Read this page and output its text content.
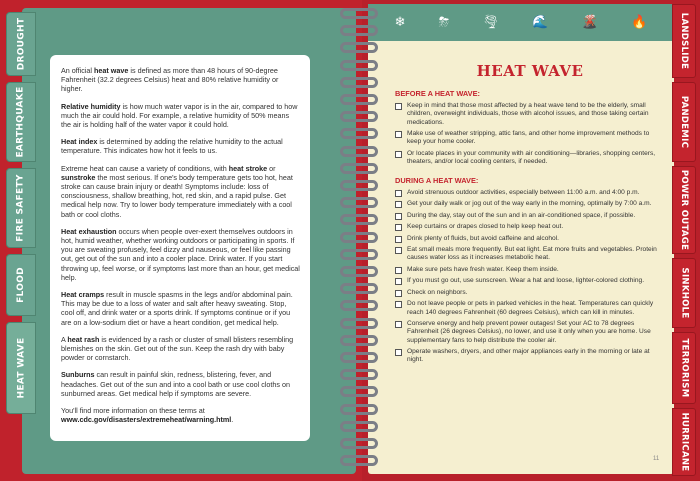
DROUGHT
EARTHQUAKE
FIRE SAFETY
FLOOD
HEAT WAVE

An official heat wave is defined as more than 48 hours of 90-degree Fahrenheit (32.2 degrees Celsius) heat and 80% relative humidity or higher.

Relative humidity is how much water vapor is in the air, compared to how much the air could hold. For example, a relative humidity of 50% means the air is holding half of the water vapor it could hold.

Heat index is determined by adding the relative humidity to the actual temperature. This indicates how hot it feels to us.

Extreme heat can cause a variety of conditions, with heat stroke or sunstroke the most serious. If one's body temperature gets too hot, heat stroke can cause brain injury or death! Symptoms include: loss of consciousness, shallow breathing, hot, red skin, and a rapid pulse. Get medical help now. Try to lower body temperature immediately with a cool bath or cool cloths.

Heat exhaustion occurs when people over-exert themselves outdoors in hot, humid weather, whether working outdoors or participating in sports. If you are sweating profusely, feel dizzy and nauseous, or feel like passing out, get out of the sun and into a cooler place. Drink water. If you start throwing up, feel worse, or if symptoms last more than an hour, get medical help.

Heat cramps result in muscle spasms in the legs and/or abdominal pain. This may be due to a loss of water and salt after heavy sweating. Stop, cool off, and drink water or a sports drink. If symptoms continue or if you are on a low-sodium diet or have a heart condition, get medical help.

A heat rash is evidenced by a rash or cluster of small blisters resembling blemishes on the skin. Get out of the sun. Keep the rash dry with baby powder or cornstarch.

Sunburns can result in painful skin, redness, blistering, fever, and headaches. Get out of the sun and into a cool bath or use cool cloths on sunburned areas. Get medical help if symptoms are severe.

You'll find more information on these terms at www.cdc.gov/disasters/extremeheat/warning.html.

❄	⛈	🌪	🌊	🌋	🔥	LANDSLIDE
PANDEMIC
POWER OUTAGE
SINKHOLE
TERRORISM
HURRICANE
HEAT WAVE
BEFORE A HEAT WAVE:
Keep in mind that those most affected by a heat wave tend to be the elderly, small children, overweight individuals, those with alcohol issues, and those taking certain medications.
Make use of weather stripping, attic fans, and other home improvement methods to keep your home cooler.
Or locate places in your community with air conditioning—libraries, shopping centers, theaters, and/or local cooling centers, if needed.
DURING A HEAT WAVE:
Avoid strenuous outdoor activities, especially between 11:00 a.m. and 4:00 p.m.
Get your daily walk or jog out of the way early in the morning, optimally by 7:00 a.m.
During the day, stay out of the sun and in an air-conditioned space, if possible.
Keep curtains or drapes closed to help keep heat out.
Drink plenty of fluids, but avoid caffeine and alcohol.
Eat small meals more frequently. But eat light. Eat more fruits and vegetables. Protein causes water loss as it increases metabolic heat.
Make sure pets have fresh water. Keep them inside.
If you must go out, use sunscreen. Wear a hat and loose, lighter-colored clothing.
Check on neighbors.
Do not leave people or pets in parked vehicles in the heat. Temperatures can quickly reach 140 degrees Fahrenheit (60 degrees Celsius), which can kill in minutes.
Conserve energy and help prevent power outages! Set your AC to 78 degrees Fahrenheit (26 degrees Celsius), no lower, and use it only when you are home. Use supplementary fans to help distribute the cooler air.
Operate washers, dryers, and other major appliances early in the morning or late at night.
11
